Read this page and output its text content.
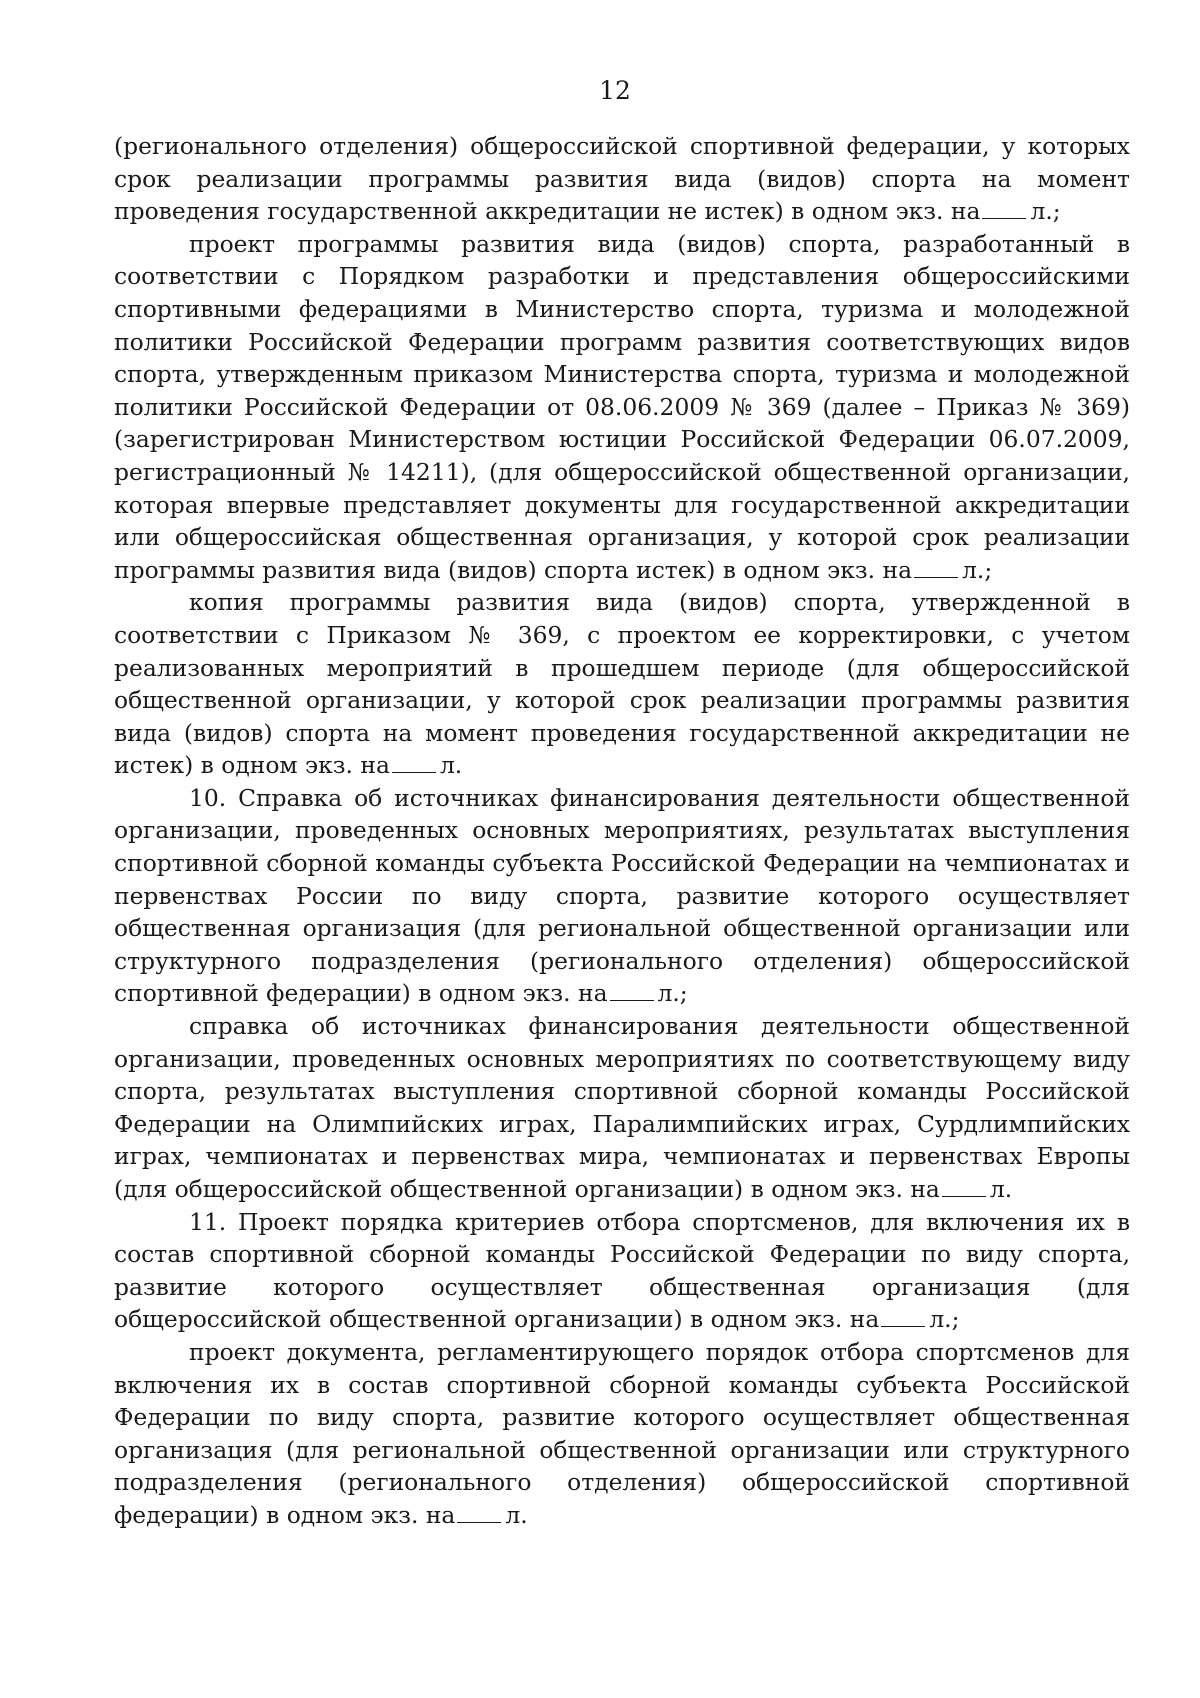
12

(регионального отделения) общероссийской спортивной федерации, у которых срок реализации программы развития вида (видов) спорта на момент проведения государственной аккредитации не истек) в одном экз. на л.;

проект программы развития вида (видов) спорта, разработанный в соответствии с Порядком разработки и представления общероссийскими спортивными федерациями в Министерство спорта, туризма и молодежной политики Российской Федерации программ развития соответствующих видов спорта, утвержденным приказом Министерства спорта, туризма и молодежной политики Российской Федерации от 08.06.2009 № 369 (далее – Приказ № 369) (зарегистрирован Министерством юстиции Российской Федерации 06.07.2009, регистрационный № 14211), (для общероссийской общественной организации, которая впервые представляет документы для государственной аккредитации или общероссийская общественная организация, у которой срок реализации программы развития вида (видов) спорта истек) в одном экз. на л.;

копия программы развития вида (видов) спорта, утвержденной в соответствии с Приказом № 369, с проектом ее корректировки, с учетом реализованных мероприятий в прошедшем периоде (для общероссийской общественной организации, у которой срок реализации программы развития вида (видов) спорта на момент проведения государственной аккредитации не истек) в одном экз. на л.

10. Справка об источниках финансирования деятельности общественной организации, проведенных основных мероприятиях, результатах выступления спортивной сборной команды субъекта Российской Федерации на чемпионатах и первенствах России по виду спорта, развитие которого осуществляет общественная организация (для региональной общественной организации или структурного подразделения (регионального отделения) общероссийской спортивной федерации) в одном экз. на л.;

справка об источниках финансирования деятельности общественной организации, проведенных основных мероприятиях по соответствующему виду спорта, результатах выступления спортивной сборной команды Российской Федерации на Олимпийских играх, Паралимпийских играх, Сурдлимпийских играх, чемпионатах и первенствах мира, чемпионатах и первенствах Европы (для общероссийской общественной организации) в одном экз. на л.

11. Проект порядка критериев отбора спортсменов, для включения их в состав спортивной сборной команды Российской Федерации по виду спорта, развитие которого осуществляет общественная организация (для общероссийской общественной организации) в одном экз. на л.;

проект документа, регламентирующего порядок отбора спортсменов для включения их в состав спортивной сборной команды субъекта Российской Федерации по виду спорта, развитие которого осуществляет общественная организация (для региональной общественной организации или структурного подразделения (регионального отделения) общероссийской спортивной федерации) в одном экз. на л.
